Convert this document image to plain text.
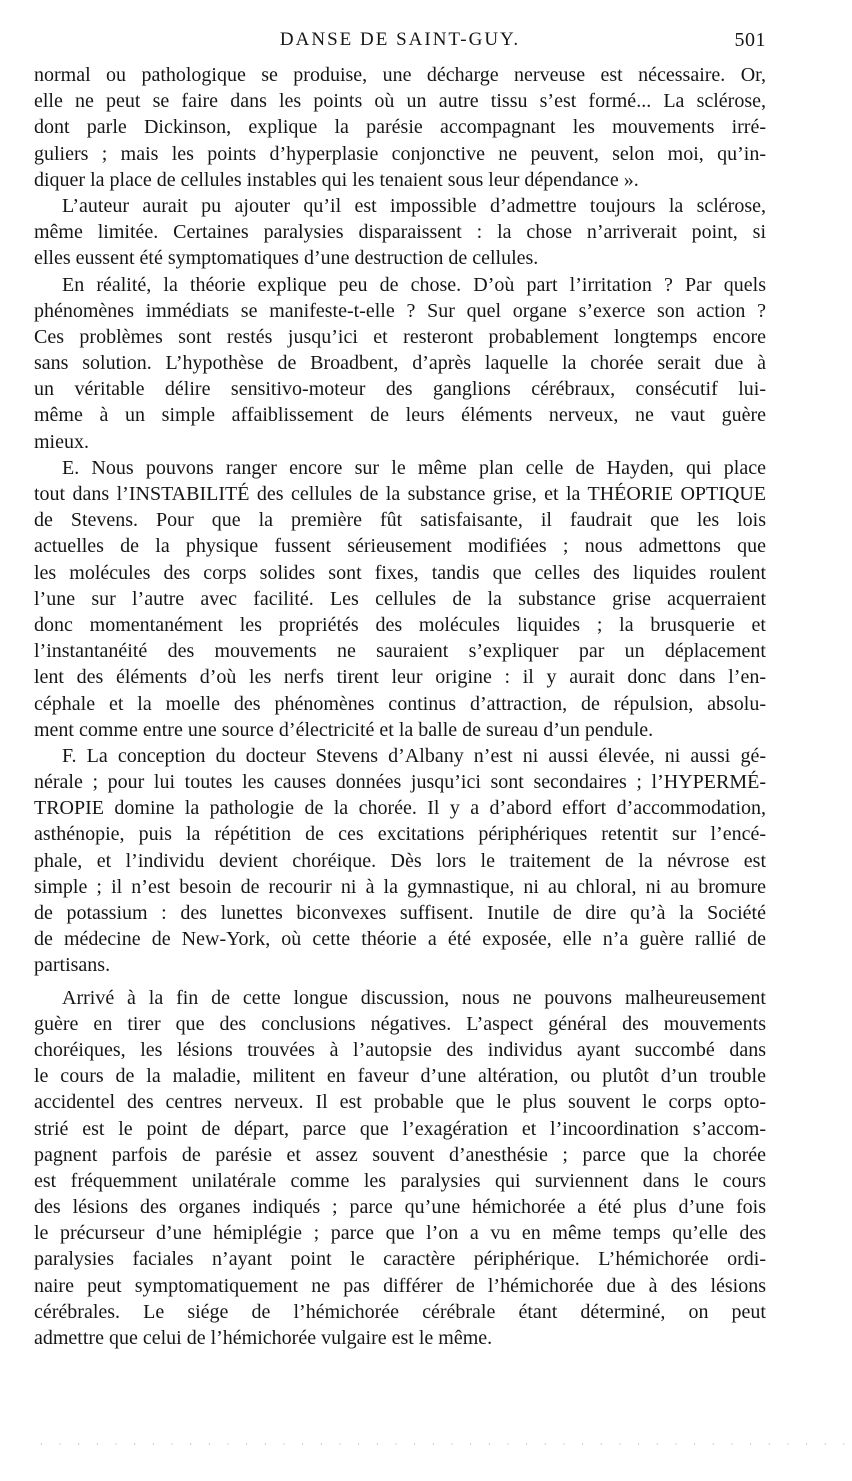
DANSE DE SAINT-GUY.	501
normal ou pathologique se produise, une décharge nerveuse est nécessaire. Or,
elle ne peut se faire dans les points où un autre tissu s’est formé... La sclérose,
dont parle Dickinson, explique la parésie accompagnant les mouvements irré-
guliers ; mais les points d’hyperplasie conjonctive ne peuvent, selon moi, qu’in-
diquer la place de cellules instables qui les tenaient sous leur dépendance ».
L’auteur aurait pu ajouter qu’il est impossible d’admettre toujours la sclérose,
même limitée. Certaines paralysies disparaissent : la chose n’arriverait point, si
elles eussent été symptomatiques d’une destruction de cellules.
En réalité, la théorie explique peu de chose. D’où part l’irritation ? Par quels
phénomènes immédiats se manifeste-t-elle ? Sur quel organe s’exerce son action ?
Ces problèmes sont restés jusqu’ici et resteront probablement longtemps encore
sans solution. L’hypothèse de Broadbent, d’après laquelle la chorée serait due à
un véritable délire sensitivo-moteur des ganglions cérébraux, consécutif lui-
même à un simple affaiblissement de leurs éléments nerveux, ne vaut guère
mieux.
E. Nous pouvons ranger encore sur le même plan celle de Hayden, qui place
tout dans l’INSTABILITÉ des cellules de la substance grise, et la THÉORIE OPTIQUE
de Stevens. Pour que la première fût satisfaisante, il faudrait que les lois
actuelles de la physique fussent sérieusement modifiées ; nous admettons que
les molécules des corps solides sont fixes, tandis que celles des liquides roulent
l’une sur l’autre avec facilité. Les cellules de la substance grise acquerraient
donc momentanément les propriétés des molécules liquides ; la brusquerie et
l’instantanéité des mouvements ne sauraient s’expliquer par un déplacement
lent des éléments d’où les nerfs tirent leur origine : il y aurait donc dans l’en-
céphale et la moelle des phénomènes continus d’attraction, de répulsion, absolu-
ment comme entre une source d’électricité et la balle de sureau d’un pendule.
F. La conception du docteur Stevens d’Albany n’est ni aussi élevée, ni aussi gé-
nérale ; pour lui toutes les causes données jusqu’ici sont secondaires ; l’HYPERMÉ-
TROPIE domine la pathologie de la chorée. Il y a d’abord effort d’accommodation,
asthénopie, puis la répétition de ces excitations périphériques retentit sur l’encé-
phale, et l’individu devient choréique. Dès lors le traitement de la névrose est
simple ; il n’est besoin de recourir ni à la gymnastique, ni au chloral, ni au bromure
de potassium : des lunettes biconvexes suffisent. Inutile de dire qu’à la Société
de médecine de New-York, où cette théorie a été exposée, elle n’a guère rallié de
partisans.
Arrivé à la fin de cette longue discussion, nous ne pouvons malheureusement
guère en tirer que des conclusions négatives. L’aspect général des mouvements
choréiques, les lésions trouvées à l’autopsie des individus ayant succombé dans
le cours de la maladie, militent en faveur d’une altération, ou plutôt d’un trouble
accidentel des centres nerveux. Il est probable que le plus souvent le corps opto-
strié est le point de départ, parce que l’exagération et l’incoordination s’accom-
pagnent parfois de parésie et assez souvent d’anesthésie ; parce que la chorée
est fréquemment unilatérale comme les paralysies qui surviennent dans le cours
des lésions des organes indiqués ; parce qu’une hémichorée a été plus d’une fois
le précurseur d’une hémiplégie ; parce que l’on a vu en même temps qu’elle des
paralysies faciales n’ayant point le caractère périphérique. L’hémichorée ordi-
naire peut symptomatiquement ne pas différer de l’hémichorée due à des lésions
cérébrales. Le siége de l’hémichorée cérébrale étant déterminé, on peut
admettre que celui de l’hémichorée vulgaire est le même.
· · · · · · · · · · · · · · · · · · · · · · · · · · · · · · · · · · · · · · · · · · · ·
